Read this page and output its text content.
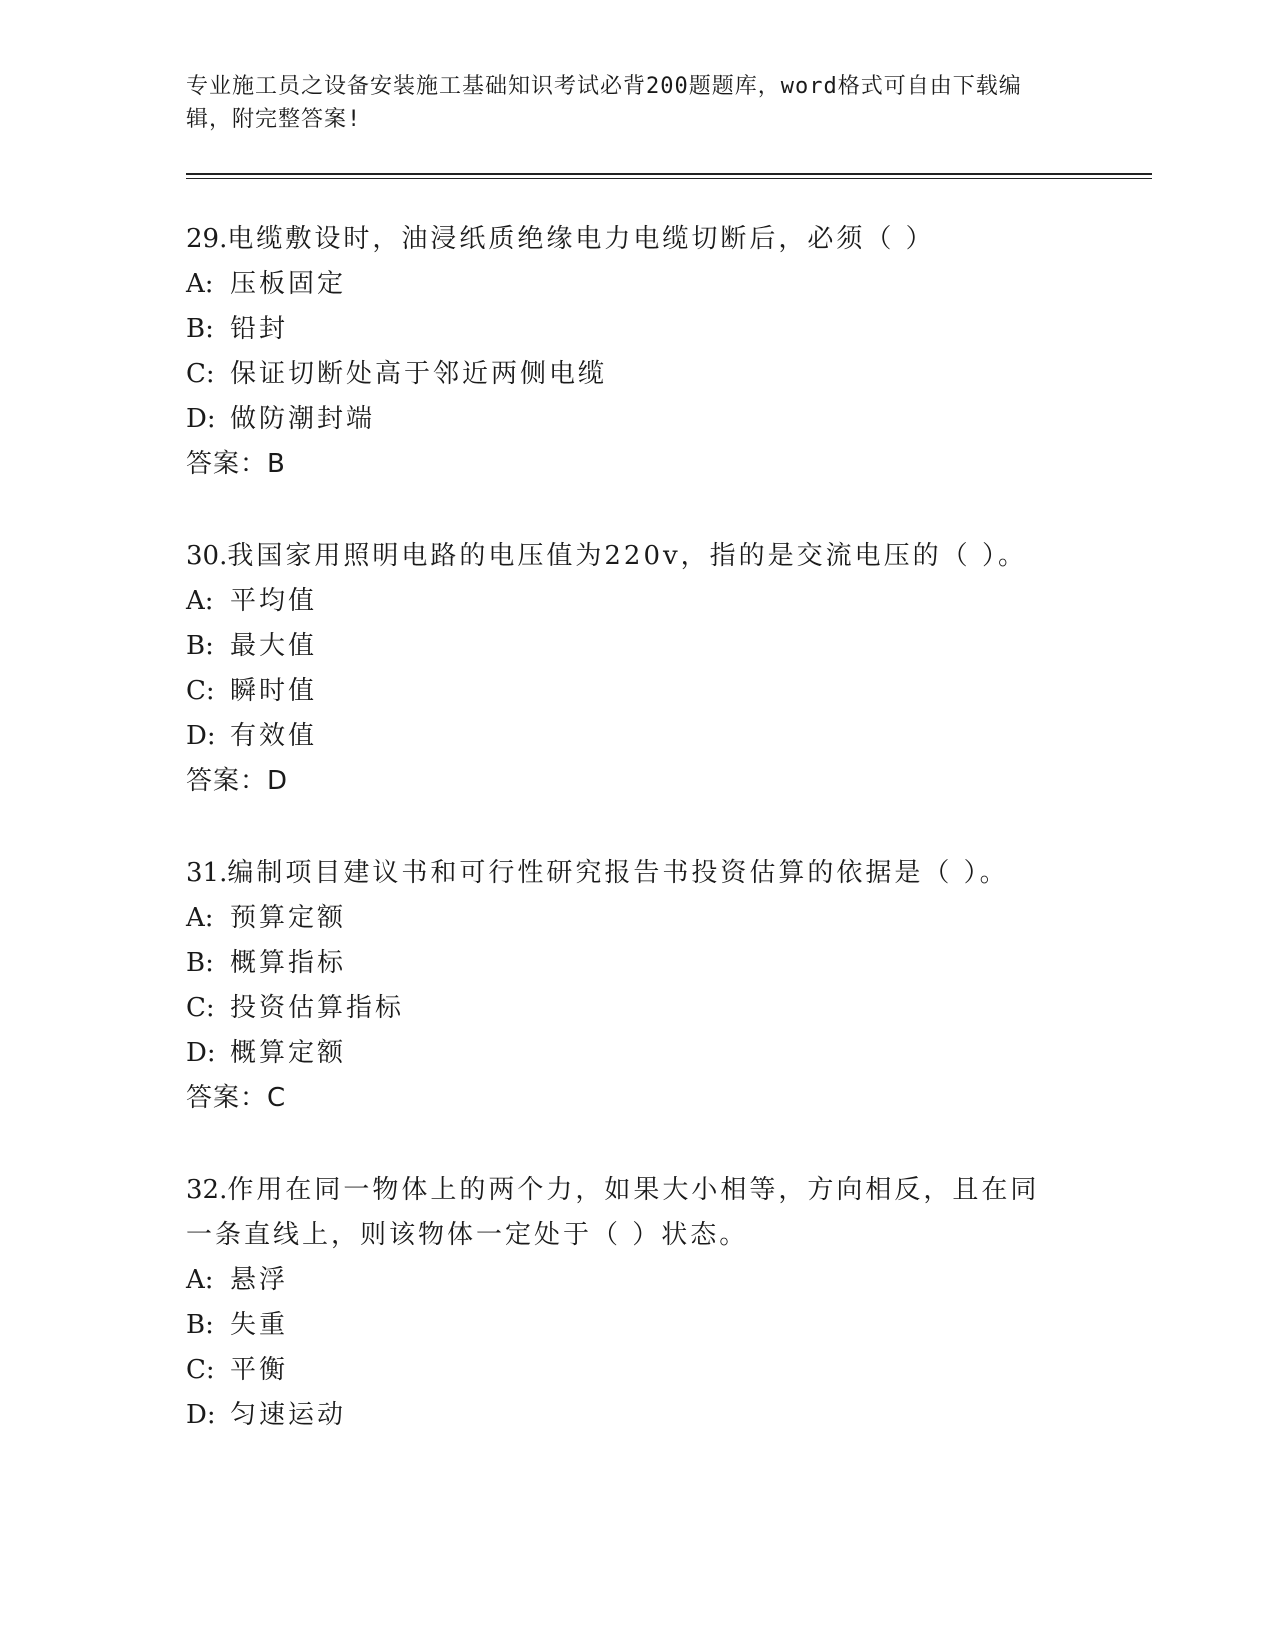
专业施工员之设备安装施工基础知识考试必背200题题库，word格式可自由下载编辑，附完整答案!

29.电缆敷设时，油浸纸质绝缘电力电缆切断后，必须（ ）

A: 压板固定

B: 铅封

C: 保证切断处高于邻近两侧电缆

D: 做防潮封端

答案：B

30.我国家用照明电路的电压值为220v，指的是交流电压的（ ）。

A: 平均值

B: 最大值

C: 瞬时值

D: 有效值

答案：D

31.编制项目建议书和可行性研究报告书投资估算的依据是（ ）。

A: 预算定额

B: 概算指标

C: 投资估算指标

D: 概算定额

答案：C

32.作用在同一物体上的两个力，如果大小相等，方向相反，且在同一条直线上，则该物体一定处于（ ）状态。

A: 悬浮

B: 失重

C: 平衡

D: 匀速运动
